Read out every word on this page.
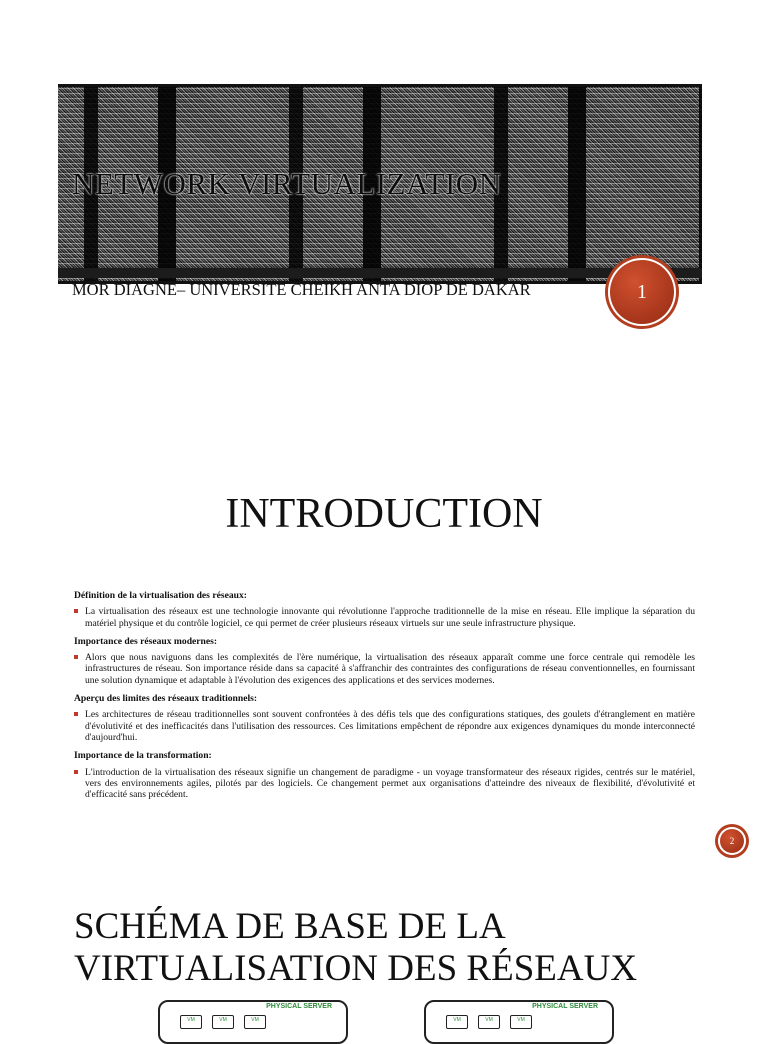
NETWORK VIRTUALIZATION
MOR DIAGNE– UNIVERSITE CHEIKH ANTA DIOP DE DAKAR	1
INTRODUCTION
Définition de la virtualisation des réseaux:
La virtualisation des réseaux est une technologie innovante qui révolutionne l'approche traditionnelle de la mise en réseau. Elle implique la séparation du matériel physique et du contrôle logiciel, ce qui permet de créer plusieurs réseaux virtuels sur une seule infrastructure physique.
Importance des réseaux modernes:
Alors que nous naviguons dans les complexités de l'ère numérique, la virtualisation des réseaux apparaît comme une force centrale qui remodèle les infrastructures de réseau. Son importance réside dans sa capacité à s'affranchir des contraintes des configurations de réseau conventionnelles, en fournissant une solution dynamique et adaptable à l'évolution des exigences des applications et des services modernes.
Aperçu des limites des réseaux traditionnels:
Les architectures de réseau traditionnelles sont souvent confrontées à des défis tels que des configurations statiques, des goulets d'étranglement en matière d'évolutivité et des inefficacités dans l'utilisation des ressources. Ces limitations empêchent de répondre aux exigences dynamiques du monde interconnecté d'aujourd'hui.
Importance de la transformation:
L'introduction de la virtualisation des réseaux signifie un changement de paradigme - un voyage transformateur des réseaux rigides, centrés sur le matériel, vers des environnements agiles, pilotés par des logiciels. Ce changement permet aux organisations d'atteindre des niveaux de flexibilité, d'évolutivité et d'efficacité sans précédent.
2
SCHÉMA DE BASE DE LA VIRTUALISATION DES RÉSEAUX
PHYSICAL SERVER
VM	VM	VM
PHYSICAL SERVER
VM	VM	VM
